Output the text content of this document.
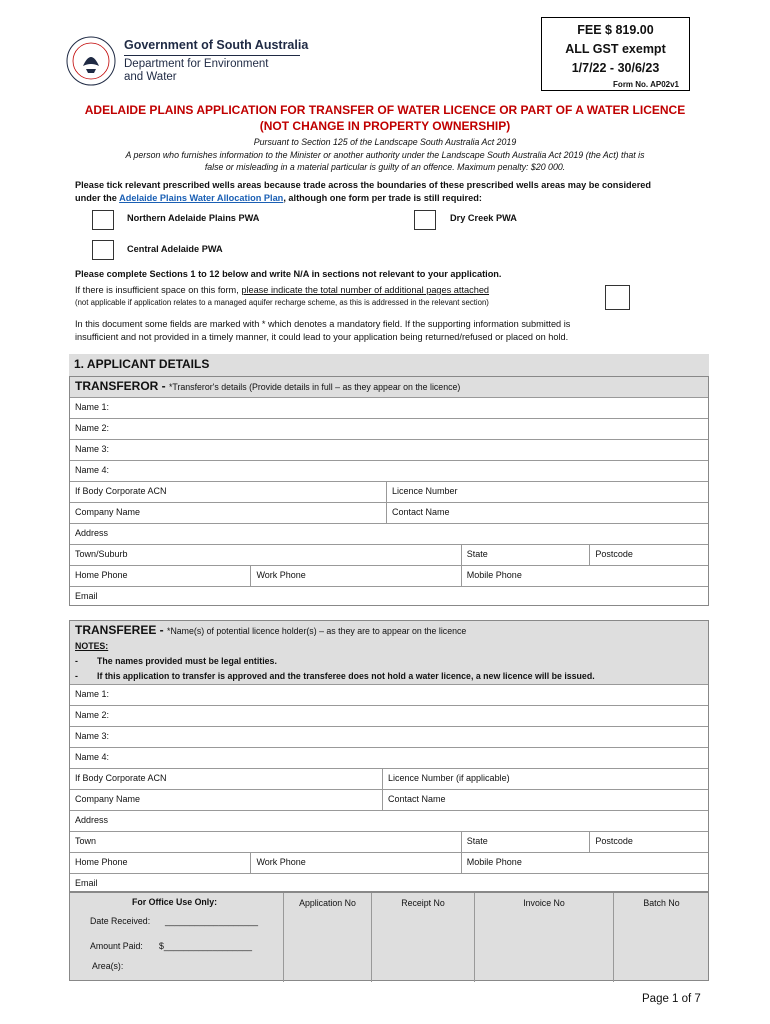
Government of South Australia
Department for Environment
and Water
FEE $ 819.00
ALL GST exempt
1/7/22 - 30/6/23
Form No. AP02v1
ADELAIDE PLAINS APPLICATION FOR TRANSFER OF WATER LICENCE OR PART OF A WATER LICENCE
(NOT CHANGE IN PROPERTY OWNERSHIP)
Pursuant to Section 125 of the Landscape South Australia Act 2019
A person who furnishes information to the Minister or another authority under the Landscape South Australia Act 2019 (the Act) that is
false or misleading in a material particular is guilty of an offence. Maximum penalty: $20 000.
Please tick relevant prescribed wells areas because trade across the boundaries of these prescribed wells areas may be considered
under the Adelaide Plains Water Allocation Plan, although one form per trade is still required:
Northern Adelaide Plains PWA	Dry Creek PWA
Central Adelaide PWA
Please complete Sections 1 to 12 below and write N/A in sections not relevant to your application.
If there is insufficient space on this form, please indicate the total number of additional pages attached
(not applicable if application relates to a managed aquifer recharge scheme, as this is addressed in the relevant section)
In this document some fields are marked with * which denotes a mandatory field. If the supporting information submitted is
insufficient and not provided in a timely manner, it could lead to your application being returned/refused or placed on hold.
1. APPLICANT DETAILS
TRANSFEROR - *Transferor's details (Provide details in full – as they appear on the licence)
Name 1:
Name 2:
Name 3:
Name 4:
If Body Corporate ACN	Licence Number
Company Name	Contact Name
Address
Town/Suburb	State	Postcode
Home Phone	Work Phone	Mobile Phone
Email
TRANSFEREE - *Name(s) of potential licence holder(s) – as they are to appear on the licence
NOTES:
-	The names provided must be legal entities.
-	If this application to transfer is approved and the transferee does not hold a water licence, a new licence will be issued.
Name 1:
Name 2:
Name 3:
Name 4:
If Body Corporate ACN	Licence Number (if applicable)
Company Name	Contact Name
Address
Town	State	Postcode
Home Phone	Work Phone	Mobile Phone
Email
For Office Use Only:
Date Received: ___________________
Amount Paid: $__________________
Area(s):
Application No	Receipt No	Invoice No	Batch No
Page 1 of 7
